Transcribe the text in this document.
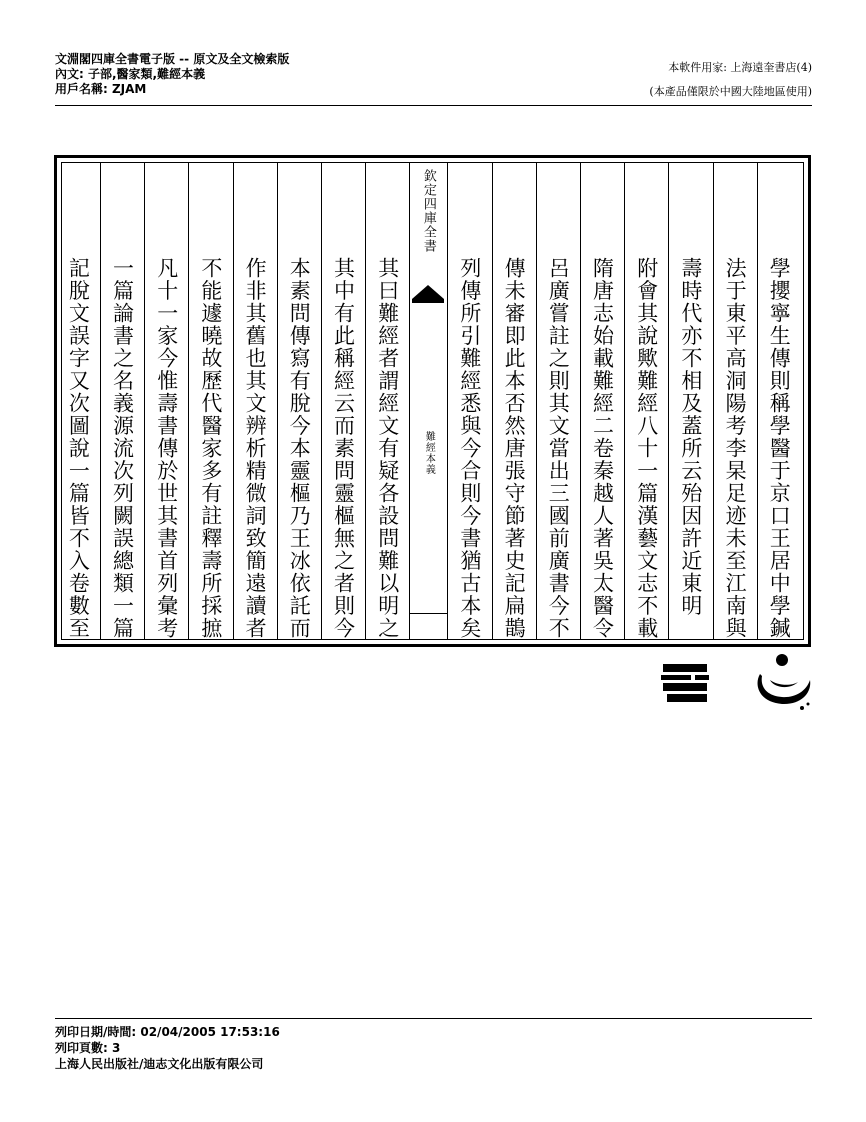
文淵閣四庫全書電子版 -- 原文及全文檢索版
內文: 子部,醫家類,難經本義
用戶名稱: ZJAM
本軟件用家: 上海遠奎書店(4)
(本產品僅限於中國大陸地區使用)
學攖寧生傳則稱學醫于京口王居中學鍼
法于東平高洞陽考李杲足迹未至江南與
壽時代亦不相及蓋所云殆因許近東明
附會其說歟難經八十一篇漢藝文志不載
隋唐志始載難經二卷秦越人著吳太醫令
呂廣嘗註之則其文當出三國前廣書今不
傳未審即此本否然唐張守節著史記扁鵲
列傳所引難經悉與今合則今書猶古本矣
欽定四庫全書
難經本義
其曰難經者謂經文有疑各設問難以明之
其中有此稱經云而素問靈樞無之者則今
本素問傳寫有脫今本靈樞乃王冰依託而
作非其舊也其文辨析精微詞致簡遠讀者
不能遽曉故歷代醫家多有註釋壽所採摭
凡十一家今惟壽書傳於世其書首列彙考
一篇論書之名義源流次列闕誤總類一篇
記脫文誤字又次圖說一篇皆不入卷數至
列印日期/時間: 02/04/2005 17:53:16
列印頁數: 3
上海人民出版社/迪志文化出版有限公司
